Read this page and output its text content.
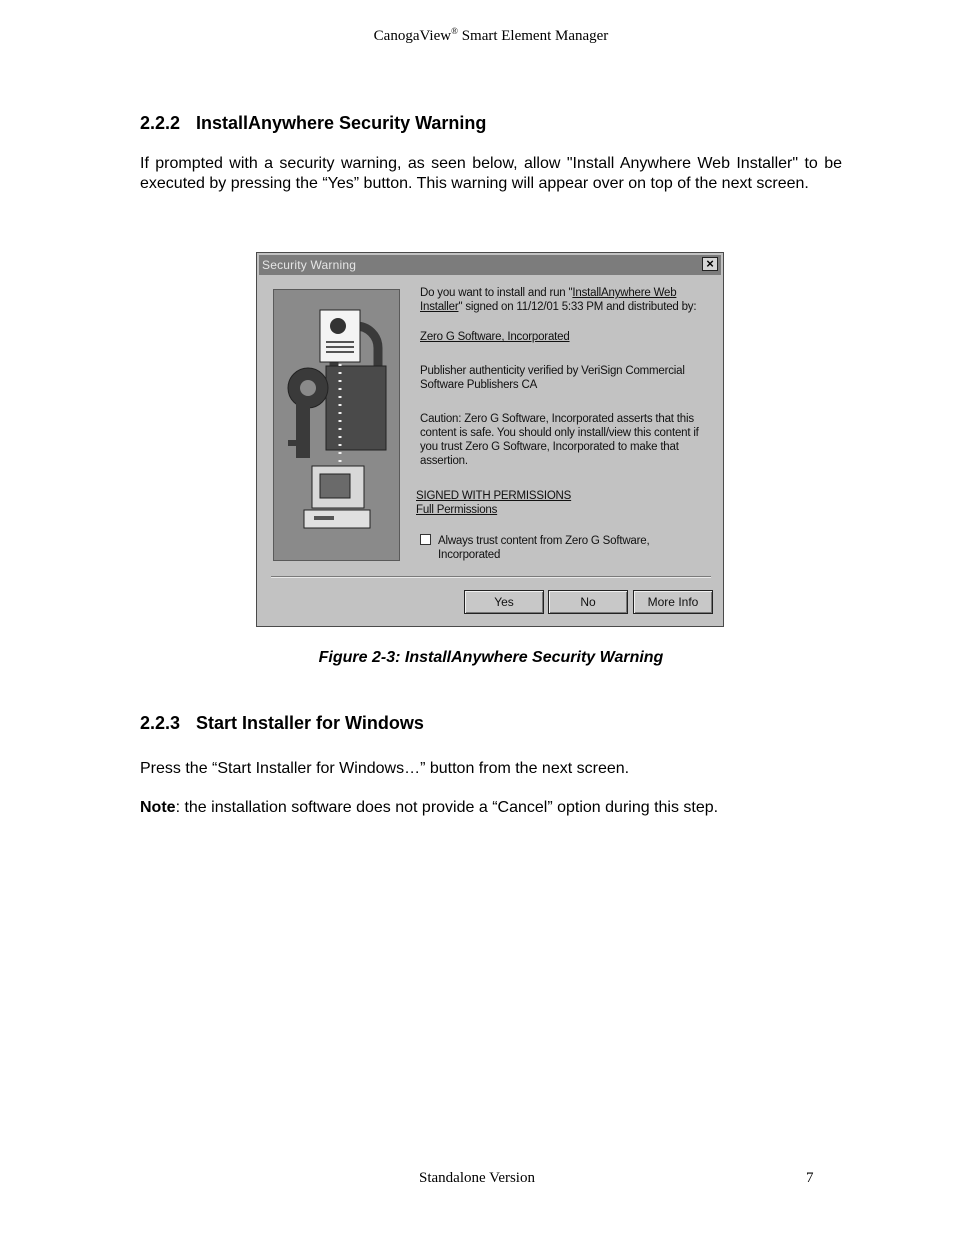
CanogaView® Smart Element Manager
2.2.2 InstallAnywhere Security Warning
If prompted with a security warning, as seen below, allow "Install Anywhere Web Installer" to be executed by pressing the “Yes” button. This warning will appear over on top of the next screen.
Security Warning	×
Do you want to install and run "InstallAnywhere Web
Installer" signed on 11/12/01 5:33 PM and distributed by:
Zero G Software, Incorporated
Publisher authenticity verified by VeriSign Commercial
Software Publishers CA
Caution: Zero G Software, Incorporated asserts that this
content is safe. You should only install/view this content if
you trust Zero G Software, Incorporated to make that
assertion.
SIGNED WITH PERMISSIONS
Full Permissions
Always trust content from Zero G Software,
Incorporated
Yes	No	More Info
Figure 2-3: InstallAnywhere Security Warning
2.2.3 Start Installer for Windows
Press the “Start Installer for Windows…” button from the next screen.
Note: the installation software does not provide a “Cancel” option during this step.
Standalone Version	7
